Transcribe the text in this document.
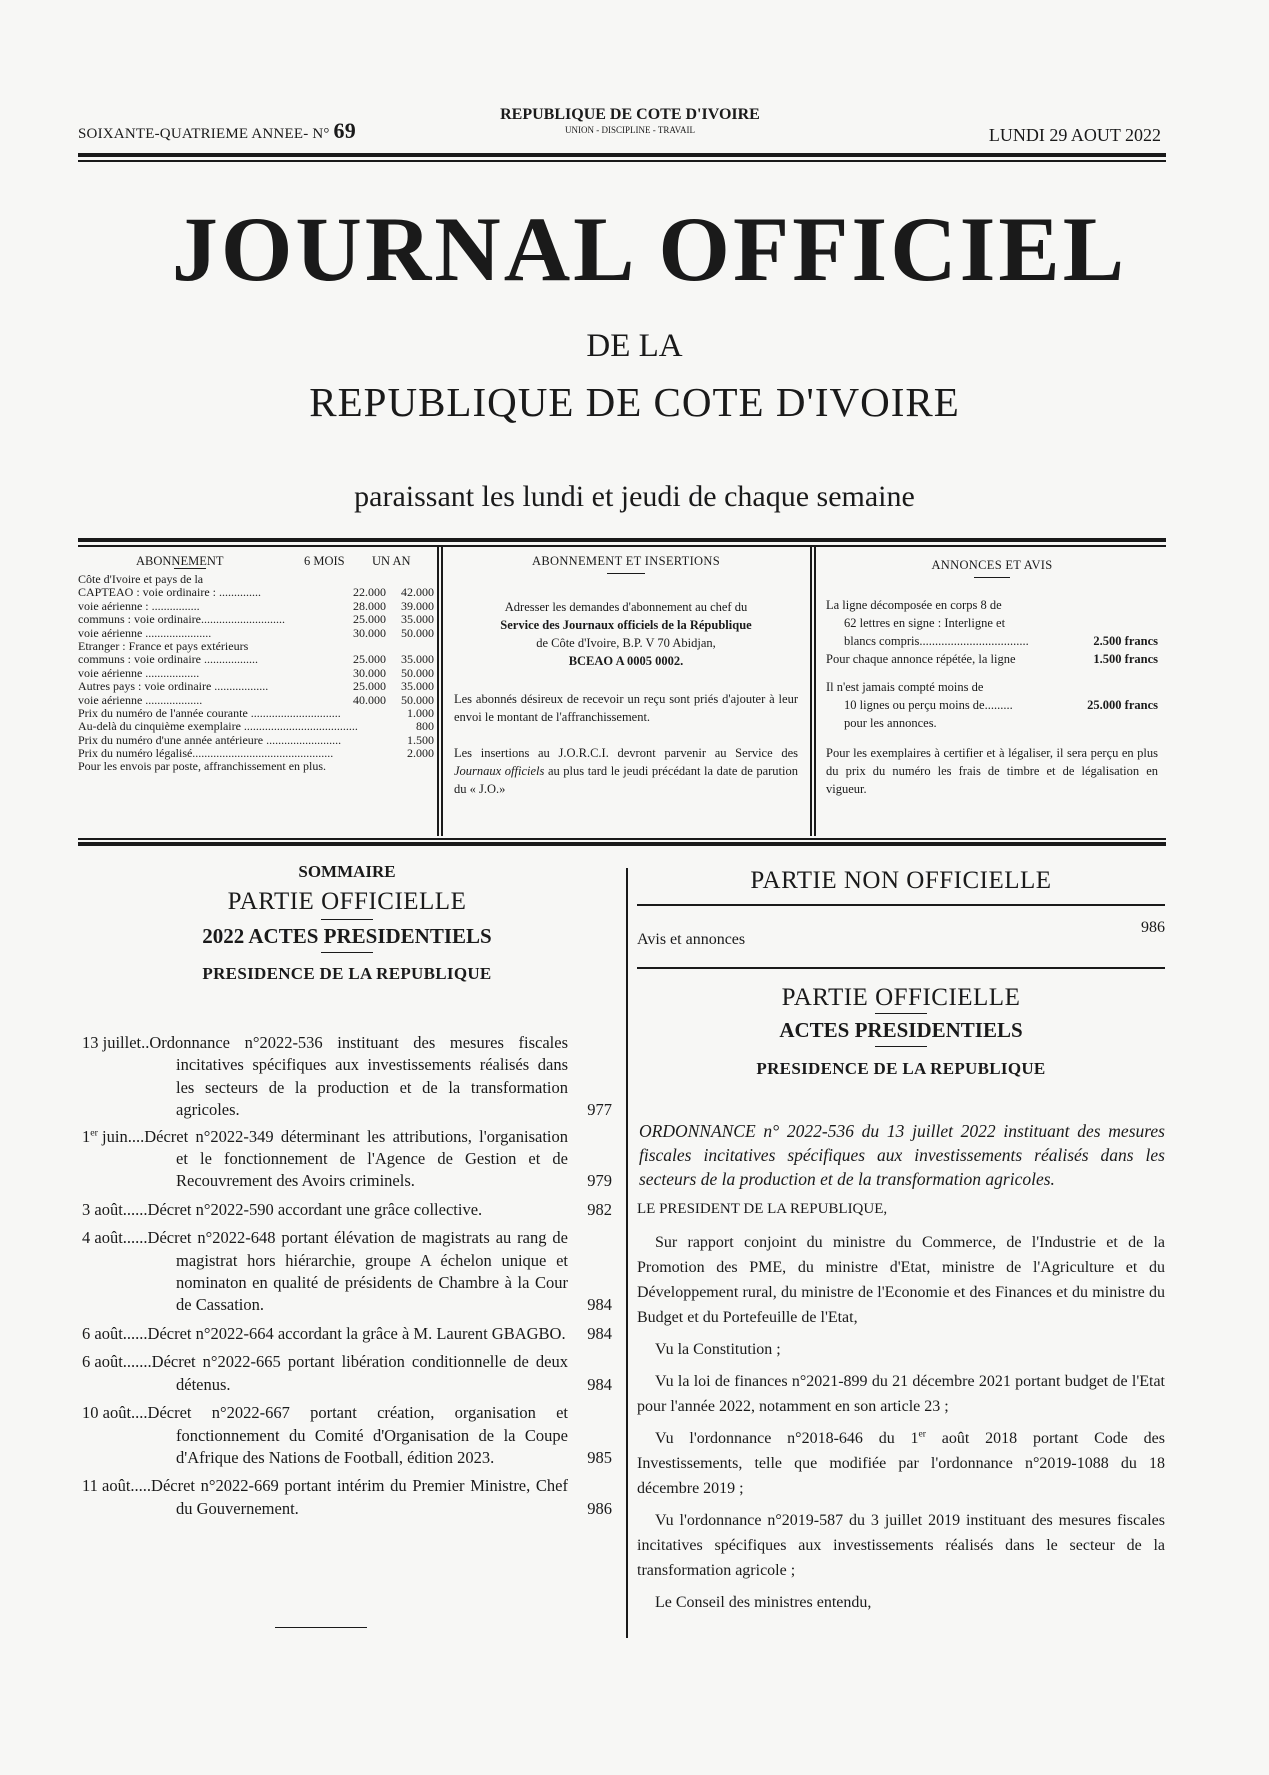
SOIXANTE-QUATRIEME ANNEE- N° 69
REPUBLIQUE DE COTE D'IVOIRE
UNION - DISCIPLINE - TRAVAIL	LUNDI 29 AOUT 2022
JOURNAL OFFICIEL
DE LA
REPUBLIQUE DE COTE D'IVOIRE
paraissant les lundi et jeudi de chaque semaine
ABONNEMENT	6 MOIS UN AN
Côte d'Ivoire et pays de la
CAPTEAO : voie ordinaire : ..............	22.000	42.000
voie aérienne : ................	28.000	39.000
communs : voie ordinaire............................	25.000	35.000
voie aérienne ......................	30.000	50.000
Etranger : France et pays extérieurs
communs : voie ordinaire ..................	25.000	35.000
voie aérienne ..................	30.000	50.000
Autres pays : voie ordinaire ..................	25.000	35.000
voie aérienne ...................	40.000	50.000
Prix du numéro de l'année courante ..............................	1.000
Au-delà du cinquième exemplaire ......................................	800
Prix du numéro d'une année antérieure .........................	1.500
Prix du numéro légalisé...............................................	2.000
Pour les envois par poste, affranchissement en plus.
ABONNEMENT ET INSERTIONS
Adresser les demandes d'abonnement au chef du
Service des Journaux officiels de la République
de Côte d'Ivoire, B.P. V 70 Abidjan,
BCEAO A 0005 0002.
Les abonnés désireux de recevoir un reçu sont priés d'ajouter à leur envoi le montant de l'affranchissement.
Les insertions au J.O.R.C.I. devront parvenir au Service des Journaux officiels au plus tard le jeudi précédant la date de parution du « J.O.»
ANNONCES ET AVIS
La ligne décomposée en corps 8 de
62 lettres en signe : Interligne et
blancs compris...................................	2.500 francs
Pour chaque annonce répétée, la ligne	1.500 francs
Il n'est jamais compté moins de
10 lignes ou perçu moins de.........	25.000 francs
pour les annonces.
Pour les exemplaires à certifier et à légaliser, il sera perçu en plus du prix du numéro les frais de timbre et de légalisation en vigueur.
SOMMAIRE
PARTIE OFFICIELLE
2022 ACTES PRESIDENTIELS
PRESIDENCE DE LA REPUBLIQUE
13 juillet.. Ordonnance n°2022-536 instituant des mesures fiscales incitatives spécifiques aux investissements réalisés dans les secteurs de la production et de la transformation agricoles.	977
1er juin.... Décret n°2022-349 déterminant les attributions, l'organisation et le fonctionnement de l'Agence de Gestion et de Recouvrement des Avoirs criminels.	979
3 août...... Décret n°2022-590 accordant une grâce collective.	982
4 août...... Décret n°2022-648 portant élévation de magistrats au rang de magistrat hors hiérarchie, groupe A échelon unique et nominaton en qualité de présidents de Chambre à la Cour de Cassation.	984
6 août...... Décret n°2022-664 accordant la grâce à M. Laurent GBAGBO.	984
6 août....... Décret n°2022-665 portant libération conditionnelle de deux détenus.	984
10 août.... Décret n°2022-667 portant création, organisation et fonctionnement du Comité d'Organisation de la Coupe d'Afrique des Nations de Football, édition 2023.	985
11 août..... Décret n°2022-669 portant intérim du Premier Ministre, Chef du Gouvernement.	986
PARTIE NON OFFICIELLE
Avis et annonces
986
PARTIE OFFICIELLE
ACTES PRESIDENTIELS
PRESIDENCE DE LA REPUBLIQUE
ORDONNANCE n° 2022-536 du 13 juillet 2022 instituant des mesures fiscales incitatives spécifiques aux investissements réalisés dans les secteurs de la production et de la transformation agricoles.
LE PRESIDENT DE LA REPUBLIQUE,
Sur rapport conjoint du ministre du Commerce, de l'Industrie et de la Promotion des PME, du ministre d'Etat, ministre de l'Agriculture et du Développement rural, du ministre de l'Economie et des Finances et du ministre du Budget et du Portefeuille de l'Etat,
Vu la Constitution ;
Vu la loi de finances n°2021-899 du 21 décembre 2021 portant budget de l'Etat pour l'année 2022, notamment en son article 23 ;
Vu l'ordonnance n°2018-646 du 1er août 2018 portant Code des Investissements, telle que modifiée par l'ordonnance n°2019-1088 du 18 décembre 2019 ;
Vu l'ordonnance n°2019-587 du 3 juillet 2019 instituant des mesures fiscales incitatives spécifiques aux investissements réalisés dans le secteur de la transformation agricole ;
Le Conseil des ministres entendu,
